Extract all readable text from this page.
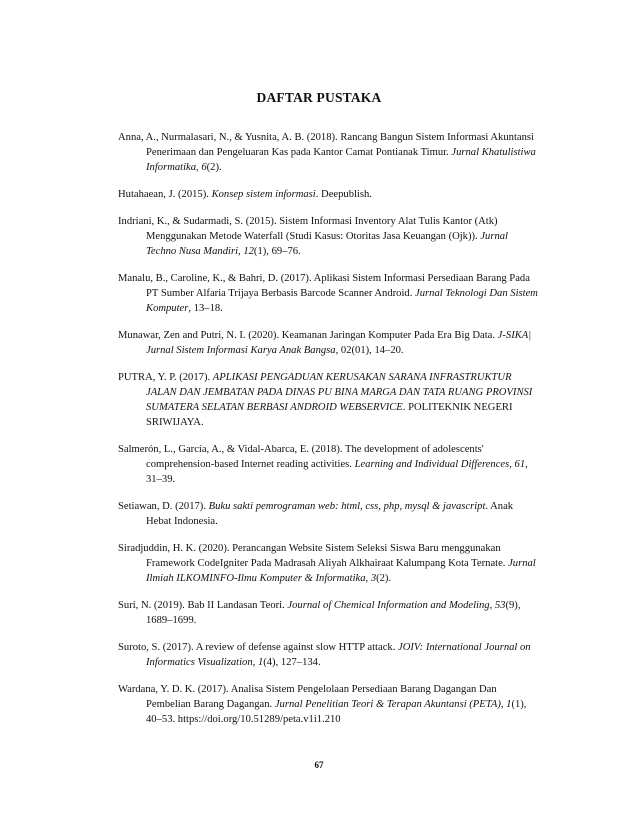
DAFTAR PUSTAKA

Anna, A., Nurmalasari, N., & Yusnita, A. B. (2018). Rancang Bangun Sistem Informasi Akuntansi Penerimaan dan Pengeluaran Kas pada Kantor Camat Pontianak Timur. Jurnal Khatulistiwa Informatika, 6(2).

Hutahaean, J. (2015). Konsep sistem informasi. Deepublish.

Indriani, K., & Sudarmadi, S. (2015). Sistem Informasi Inventory Alat Tulis Kantor (Atk) Menggunakan Metode Waterfall (Studi Kasus: Otoritas Jasa Keuangan (Ojk)). Jurnal Techno Nusa Mandiri, 12(1), 69–76.

Manalu, B., Caroline, K., & Bahri, D. (2017). Aplikasi Sistem Informasi Persediaan Barang Pada PT Sumber Alfaria Trijaya Berbasis Barcode Scanner Android. Jurnal Teknologi Dan Sistem Komputer, 13–18.

Munawar, Zen and Putri, N. I. (2020). Keamanan Jaringan Komputer Pada Era Big Data. J-SIKA| Jurnal Sistem Informasi Karya Anak Bangsa, 02(01), 14–20.

PUTRA, Y. P. (2017). APLIKASI PENGADUAN KERUSAKAN SARANA INFRASTRUKTUR JALAN DAN JEMBATAN PADA DINAS PU BINA MARGA DAN TATA RUANG PROVINSI SUMATERA SELATAN BERBASI ANDROID WEBSERVICE. POLITEKNIK NEGERI SRIWIJAYA.

Salmerón, L., García, A., & Vidal-Abarca, E. (2018). The development of adolescents' comprehension-based Internet reading activities. Learning and Individual Differences, 61, 31–39.

Setiawan, D. (2017). Buku sakti pemrograman web: html, css, php, mysql & javascript. Anak Hebat Indonesia.

Siradjuddin, H. K. (2020). Perancangan Website Sistem Seleksi Siswa Baru menggunakan Framework CodeIgniter Pada Madrasah Aliyah Alkhairaat Kalumpang Kota Ternate. Jurnal Ilmiah ILKOMINFO-Ilmu Komputer & Informatika, 3(2).

Suri, N. (2019). Bab II Landasan Teori. Journal of Chemical Information and Modeling, 53(9), 1689–1699.

Suroto, S. (2017). A review of defense against slow HTTP attack. JOIV: International Journal on Informatics Visualization, 1(4), 127–134.

Wardana, Y. D. K. (2017). Analisa Sistem Pengelolaan Persediaan Barang Dagangan Dan Pembelian Barang Dagangan. Jurnal Penelitian Teori & Terapan Akuntansi (PETA), 1(1), 40–53. https://doi.org/10.51289/peta.v1i1.210

67
